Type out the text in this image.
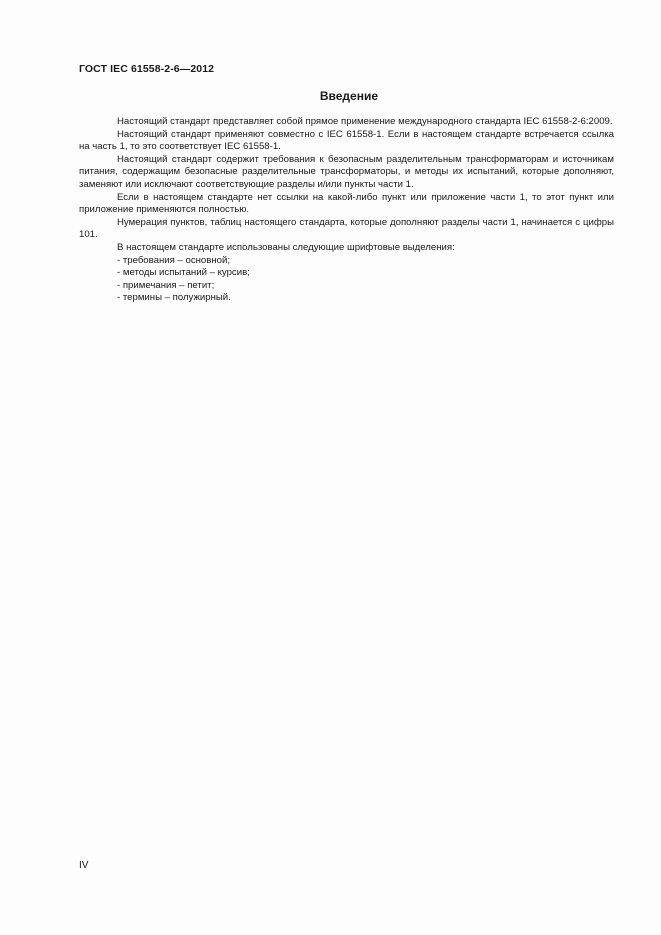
ГОСТ IEC 61558-2-6—2012
Введение

Настоящий стандарт представляет собой прямое применение международного стандарта IEC 61558-2-6:2009.

Настоящий стандарт применяют совместно с IEC 61558-1. Если в настоящем стандарте встречается ссылка на часть 1, то это соответствует IEC 61558-1.

Настоящий стандарт содержит требования к безопасным разделительным трансформаторам и источникам питания, содержащим безопасные разделительные трансформаторы, и методы их испытаний, которые дополняют, заменяют или исключают соответствующие разделы и/или пункты части 1.

Если в настоящем стандарте нет ссылки на какой-либо пункт или приложение части 1, то этот пункт или приложение применяются полностью.

Нумерация пунктов, таблиц настоящего стандарта, которые дополняют разделы части 1, начинается с цифры 101.

В настоящем стандарте использованы следующие шрифтовые выделения:

- требования – основной;
- методы испытаний – курсив;
- примечания – петит;
- термины – полужирный.
IV
